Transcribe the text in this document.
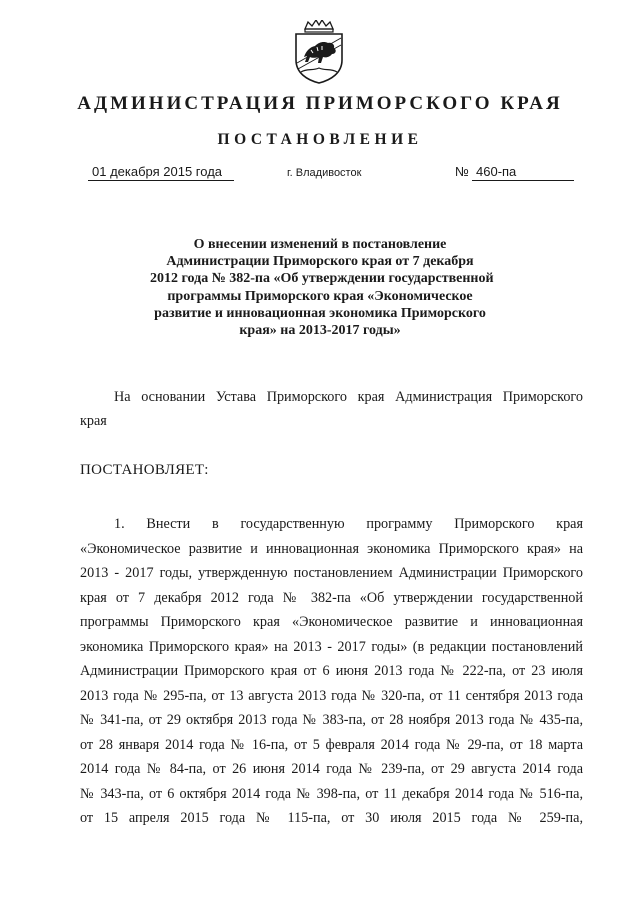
АДМИНИСТРАЦИЯ ПРИМОРСКОГО КРАЯ
ПОСТАНОВЛЕНИЕ
01 декабря 2015 года	г. Владивосток	№ 460-па

О внесении изменений в постановление
Администрации Приморского края от 7 декабря
2012 года № 382-па «Об утверждении государственной
программы Приморского края «Экономическое
развитие и инновационная экономика Приморского
края» на 2013-2017 годы»

На основании Устава Приморского края Администрация Приморского
края

ПОСТАНОВЛЯЕТ:

1. Внести в государственную программу Приморского края
«Экономическое развитие и инновационная экономика Приморского края» на
2013 - 2017 годы, утвержденную постановлением Администрации Приморского
края от 7 декабря 2012 года № 382-па «Об утверждении государственной
программы Приморского края «Экономическое развитие и инновационная
экономика Приморского края» на 2013 - 2017 годы» (в редакции постановлений
Администрации Приморского края от 6 июня 2013 года № 222-па, от 23 июля
2013 года № 295-па, от 13 августа 2013 года № 320-па, от 11 сентября 2013 года
№ 341-па, от 29 октября 2013 года № 383-па, от 28 ноября 2013 года № 435-па,
от 28 января 2014 года № 16-па, от 5 февраля 2014 года № 29-па, от 18 марта
2014 года № 84-па, от 26 июня 2014 года № 239-па, от 29 августа 2014 года
№ 343-па, от 6 октября 2014 года № 398-па, от 11 декабря 2014 года № 516-па,
от 15 апреля 2015 года № 115-па, от 30 июля 2015 года № 259-па,
